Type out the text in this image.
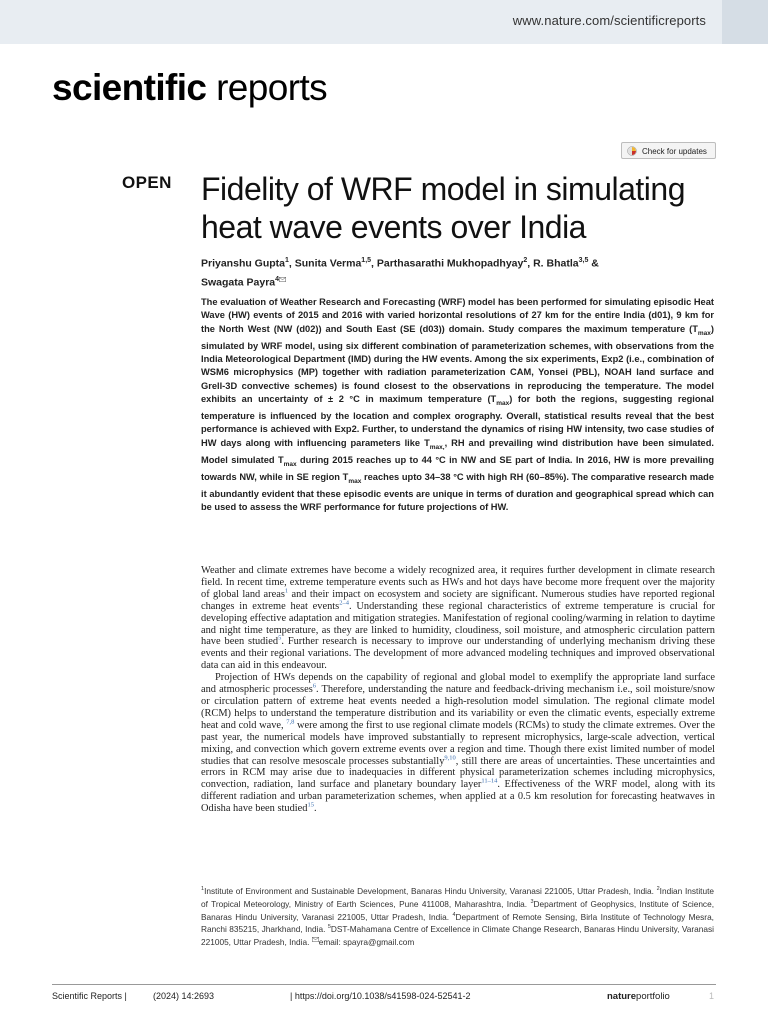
www.nature.com/scientificreports
scientific reports
Check for updates
OPEN Fidelity of WRF model in simulating heat wave events over India
Priyanshu Gupta$^1$, Sunita Verma$^{1,5}$, Parthasarathi Mukhopadhyay$^2$, R. Bhatla$^{3,5}$ &
Swagata Payra$^4$

The evaluation of Weather Research and Forecasting (WRF) model has been performed for simulating episodic Heat Wave (HW) events of 2015 and 2016 with varied horizontal resolutions of 27 km for the entire India (d01), 9 km for the North West (NW (d02)) and South East (SE (d03)) domain. Study compares the maximum temperature $(T_{max})$ simulated by WRF model, using six different combination of parameterization schemes, with observations from the India Meteorological Department (IMD) during the HW events. Among the six experiments, Exp2 (i.e., combination of WSM6 microphysics (MP) together with radiation parameterization CAM, Yonsei (PBL), NOAH land surface and Grell-3D convective schemes) is found closest to the observations in reproducing the temperature. The model exhibits an uncertainty of ± 2 °C in maximum temperature $(T_{max})$ for both the regions, suggesting regional temperature is influenced by the location and complex orography. Overall, statistical results reveal that the best performance is achieved with Exp2. Further, to understand the dynamics of rising HW intensity, two case studies of HW days along with influencing parameters like $T_{max,}$, RH and prevailing wind distribution have been simulated. Model simulated $T_{max}$ during 2015 reaches up to 44 °C in NW and SE part of India. In 2016, HW is more prevailing towards NW, while in SE region $T_{max}$ reaches upto 34–38 °C with high RH (60–85%). The comparative research made it abundantly evident that these episodic events are unique in terms of duration and geographical spread which can be used to assess the WRF performance for future projections of HW.

Weather and climate extremes have become a widely recognized area, it requires further development in climate research field. In recent time, extreme temperature events such as HWs and hot days have become more frequent over the majority of global land areas$^1$ and their impact on ecosystem and society are significant. Numerous studies have reported regional changes in extreme heat events$^{2-4}$. Understanding these regional characteristics of extreme temperature is crucial for developing effective adaptation and mitigation strategies. Manifestation of regional cooling/warming in relation to daytime and night time temperature, as they are linked to humidity, cloudiness, soil moisture, and atmospheric circulation pattern have been studied$^5$. Further research is necessary to improve our understanding of underlying mechanism driving these events and their regional variations. The development of more advanced modeling techniques and improved observational data can aid in this endeavour.

Projection of HWs depends on the capability of regional and global model to exemplify the appropriate land surface and atmospheric processes$^6$. Therefore, understanding the nature and feedback-driving mechanism i.e., soil moisture/snow or circulation pattern of extreme heat events needed a high-resolution model simulation. The regional climate model (RCM) helps to understand the temperature distribution and its variability or even the climatic events, especially extreme heat and cold wave, $^{7,8}$ were among the first to use regional climate models (RCMs) to study the climate extremes. Over the past year, the numerical models have improved substantially to represent microphysics, large-scale advection, vertical mixing, and convection which govern extreme events over a region and time. Though there exist limited number of model studies that can resolve mesoscale processes substantially$^{9,10}$, still there are areas of uncertainties. These uncertainties and errors in RCM may arise due to inadequacies in different physical parameterization schemes including microphysics, convection, radiation, land surface and planetary boundary layer$^{11-14}$. Effectiveness of the WRF model, along with its different radiation and urban parameterization schemes, when applied at a 0.5 km resolution for forecasting heatwaves in Odisha have been studied$^{15}$.

$^1$Institute of Environment and Sustainable Development, Banaras Hindu University, Varanasi 221005, Uttar Pradesh, India. $^2$Indian Institute of Tropical Meteorology, Ministry of Earth Sciences, Pune 411008, Maharashtra, India. $^3$Department of Geophysics, Institute of Science, Banaras Hindu University, Varanasi 221005, Uttar Pradesh, India. $^4$Department of Remote Sensing, Birla Institute of Technology Mesra, Ranchi 835215, Jharkhand, India. $^5$DST-Mahamana Centre of Excellence in Climate Change Research, Banaras Hindu University, Varanasi 221005, Uttar Pradesh, India. email: spayra@gmail.com
Scientific Reports |	(2024) 14:2693	| https://doi.org/10.1038/s41598-024-52541-2	natureportfolio	1
